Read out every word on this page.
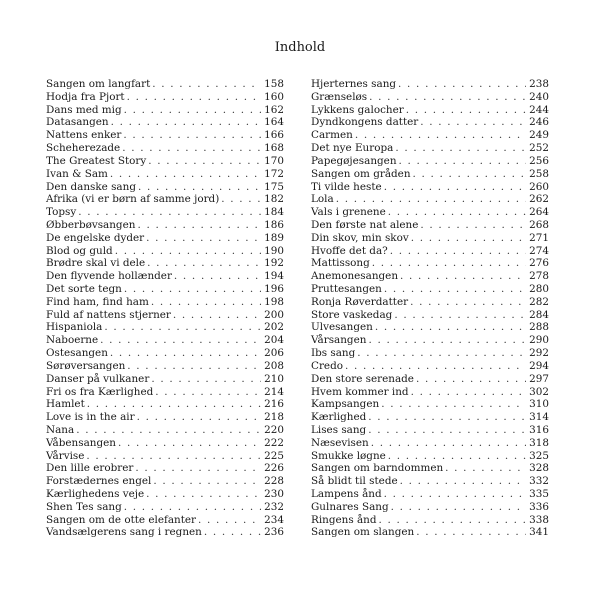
Indhold
Sangen om langfart . . .	158
Hodja fra Pjort . . .	160
Dans med mig . . .	162
Datasangen . . .	164
Nattens enker . . .	166
Scheherezade . . .	168
The Greatest Story . . .	170
Ivan & Sam . . .	172
Den danske sang . . .	175
Afrika (vi er børn af samme jord) . . .	182
Topsy . . .	184
Øbberbøvsangen . . .	186
De engelske dyder . . .	189
Blod og guld . . .	190
Brødre skal vi dele . . .	192
Den flyvende hollænder . . .	194
Det sorte tegn . . .	196
Find ham, find ham . . .	198
Fuld af nattens stjerner . . .	200
Hispaniola . . .	202
Naboerne . . .	204
Ostesangen . . .	206
Sørøversangen . . .	208
Danser på vulkaner . . .	210
Fri os fra Kærlighed . . .	214
Hamlet . . .	216
Love is in the air . . .	218
Nana . . .	220
Våbensangen . . .	222
Vårvise . . .	225
Den lille erobrer . . .	226
Forstædernes engel . . .	228
Kærlighedens veje . . .	230
Shen Tes sang . . .	232
Sangen om de otte elefanter . . .	234
Vandsælgerens sang i regnen . . .	236
Hjerternes sang . . .	238
Grænseløs . . .	240
Lykkens galocher . . .	244
Dyndkongens datter . . .	246
Carmen . . .	249
Det nye Europa . . .	252
Papegøjesangen . . .	256
Sangen om gråden . . .	258
Ti vilde heste . . .	260
Lola . . .	262
Vals i grenene . . .	264
Den første nat alene . . .	268
Din skov, min skov . . .	271
Hvoffe det da? . . .	274
Mattissong . . .	276
Anemonesangen . . .	278
Pruttesangen . . .	280
Ronja Røverdatter . . .	282
Store vaskedag . . .	284
Ulvesangen . . .	288
Vårsangen . . .	290
Ibs sang . . .	292
Credo . . .	294
Den store serenade . . .	297
Hvem kommer ind . . .	302
Kampsangen . . .	310
Kærlighed . . .	314
Lises sang . . .	316
Næsevisen . . .	318
Smukke løgne . . .	325
Sangen om barndommen . . .	328
Så blidt til stede . . .	332
Lampens ånd . . .	335
Gulnares Sang . . .	336
Ringens ånd . . .	338
Sangen om slangen . . .	341
